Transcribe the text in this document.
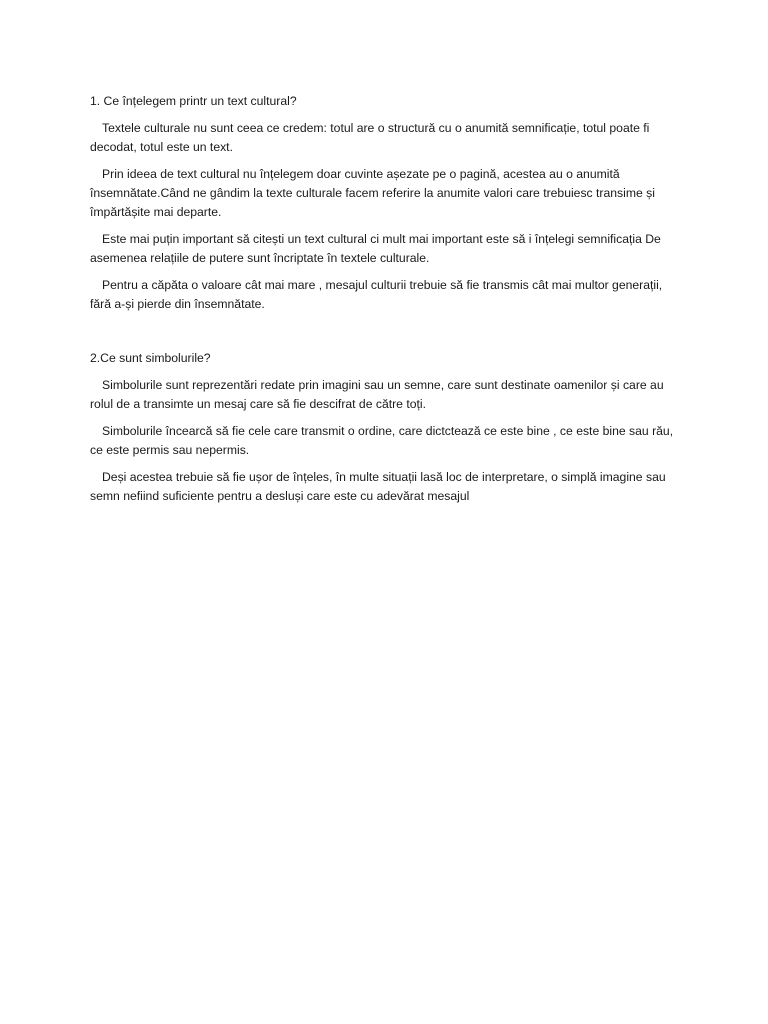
1. Ce înțelegem printr un text cultural?
Textele culturale nu sunt ceea ce credem: totul are o structură cu o anumită semnificație, totul poate fi decodat, totul este un text.
Prin ideea de text cultural nu înțelegem doar cuvinte așezate pe o pagină, acestea au o anumită însemnătate.Când ne gândim la texte culturale facem referire la anumite valori care trebuiesc transime și împărtășite mai departe.
Este mai puțin important să citești un text cultural ci mult mai important este să i înțelegi semnificația De asemenea relațiile de putere sunt încriptate în textele culturale.
Pentru a căpăta o valoare cât mai mare , mesajul culturii trebuie să fie transmis cât mai multor generații, fără a-și pierde din însemnătate.
2.Ce sunt simbolurile?
Simbolurile sunt reprezentări redate prin imagini sau un semne, care sunt destinate oamenilor și care au rolul de a transimte un mesaj care să fie descifrat de către toți.
Simbolurile încearcă să fie cele care transmit o ordine, care dictctează ce este bine , ce este bine sau rău, ce este permis sau nepermis.
Deși acestea trebuie să fie ușor de înțeles, în multe situații lasă loc de interpretare, o simplă imagine sau semn nefiind suficiente pentru a desluși care este cu adevărat mesajul
